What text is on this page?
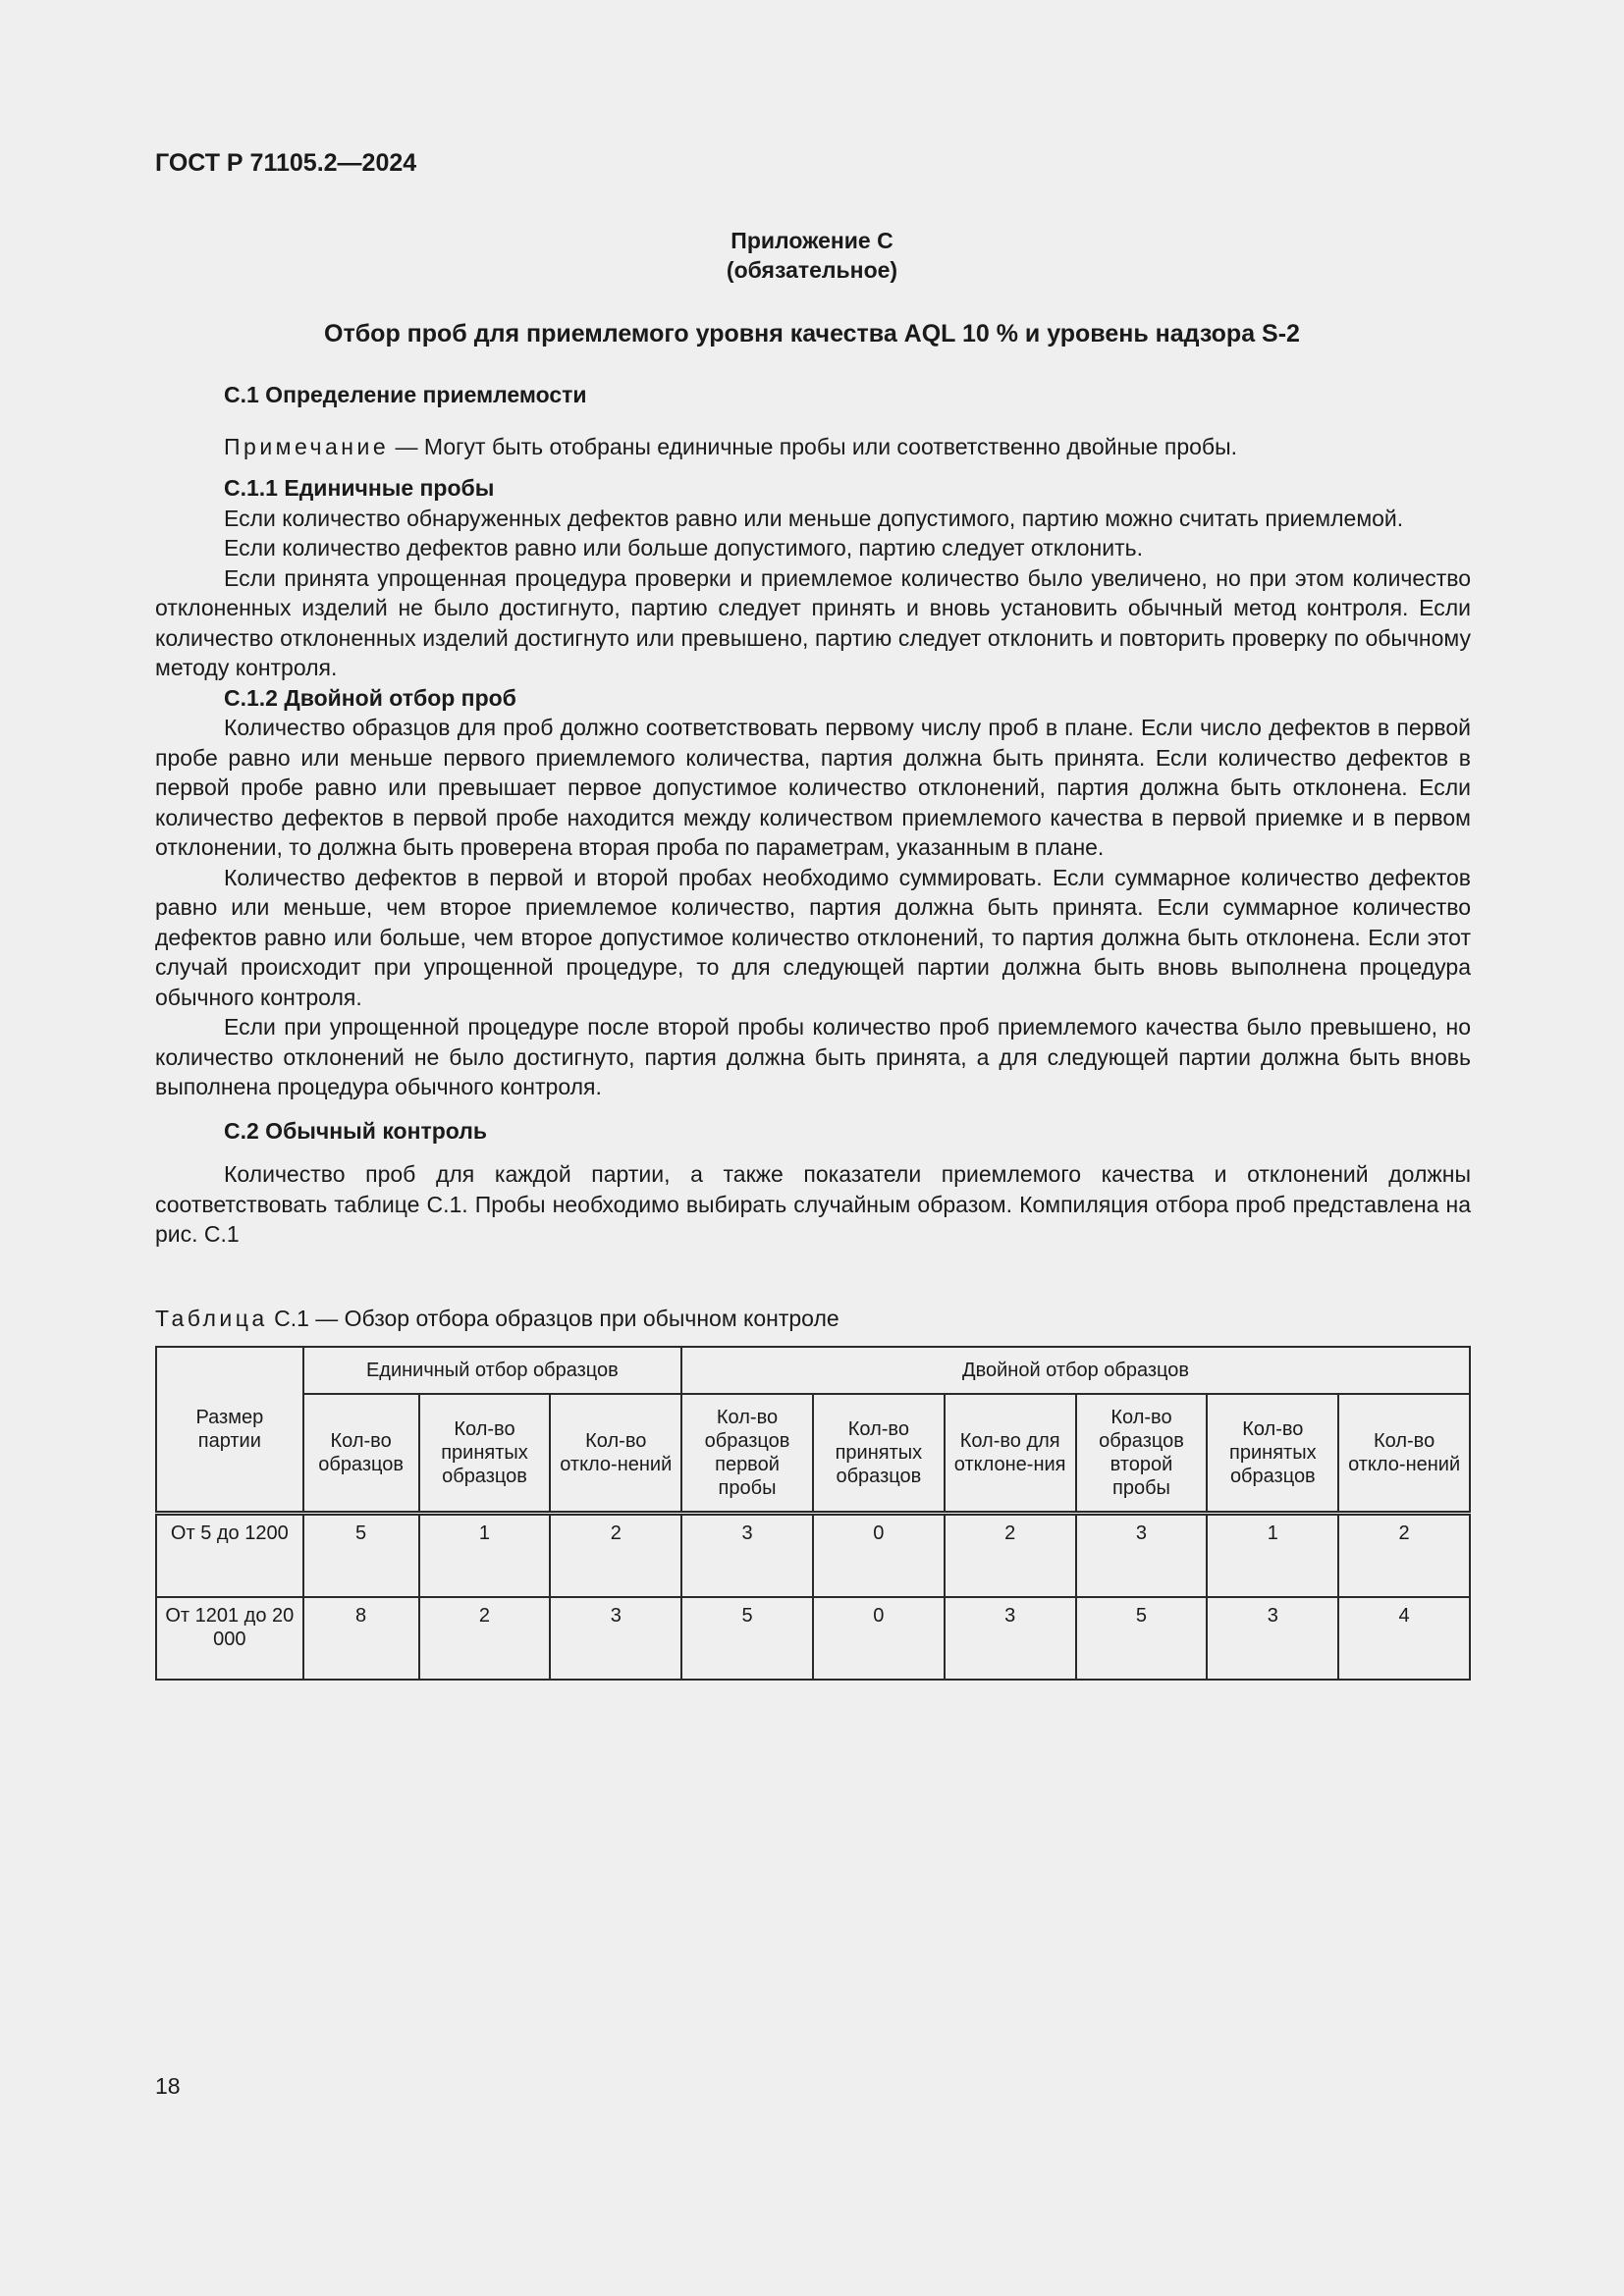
ГОСТ Р 71105.2—2024
Приложение С
(обязательное)
Отбор проб для приемлемого уровня качества AQL 10 % и уровень надзора S-2
C.1 Определение приемлемости
Примечание — Могут быть отобраны единичные пробы или соответственно двойные пробы.
C.1.1 Единичные пробы
Если количество обнаруженных дефектов равно или меньше допустимого, партию можно считать приемлемой.
Если количество дефектов равно или больше допустимого, партию следует отклонить.
Если принята упрощенная процедура проверки и приемлемое количество было увеличено, но при этом количество отклоненных изделий не было достигнуто, партию следует принять и вновь установить обычный метод контроля. Если количество отклоненных изделий достигнуто или превышено, партию следует отклонить и повторить проверку по обычному методу контроля.
C.1.2 Двойной отбор проб
Количество образцов для проб должно соответствовать первому числу проб в плане. Если число дефектов в первой пробе равно или меньше первого приемлемого количества, партия должна быть принята. Если количество дефектов в первой пробе равно или превышает первое допустимое количество отклонений, партия должна быть отклонена. Если количество дефектов в первой пробе находится между количеством приемлемого качества в первой приемке и в первом отклонении, то должна быть проверена вторая проба по параметрам, указанным в плане.
Количество дефектов в первой и второй пробах необходимо суммировать. Если суммарное количество дефектов равно или меньше, чем второе приемлемое количество, партия должна быть принята. Если суммарное количество дефектов равно или больше, чем второе допустимое количество отклонений, то партия должна быть отклонена. Если этот случай происходит при упрощенной процедуре, то для следующей партии должна быть вновь выполнена процедура обычного контроля.
Если при упрощенной процедуре после второй пробы количество проб приемлемого качества было превышено, но количество отклонений не было достигнуто, партия должна быть принята, а для следующей партии должна быть вновь выполнена процедура обычного контроля.
C.2 Обычный контроль
Количество проб для каждой партии, а также показатели приемлемого качества и отклонений должны соответствовать таблице C.1. Пробы необходимо выбирать случайным образом. Компиляция отбора проб представлена на рис. C.1
Таблица C.1 — Обзор отбора образцов при обычном контроле
Размер партии	Единичный отбор образцов			Двойной отбор образцов					
	Кол-во образцов	Кол-во принятых образцов	Кол-во откло-нений	Кол-во образцов первой пробы	Кол-во принятых образцов	Кол-во для отклоне-ния	Кол-во образцов второй пробы	Кол-во принятых образцов	Кол-во откло-нений
От 5 до 1200	5	1	2	3	0	2	3	1	2
От 1201 до 20 000	8	2	3	5	0	3	5	3	4
18
